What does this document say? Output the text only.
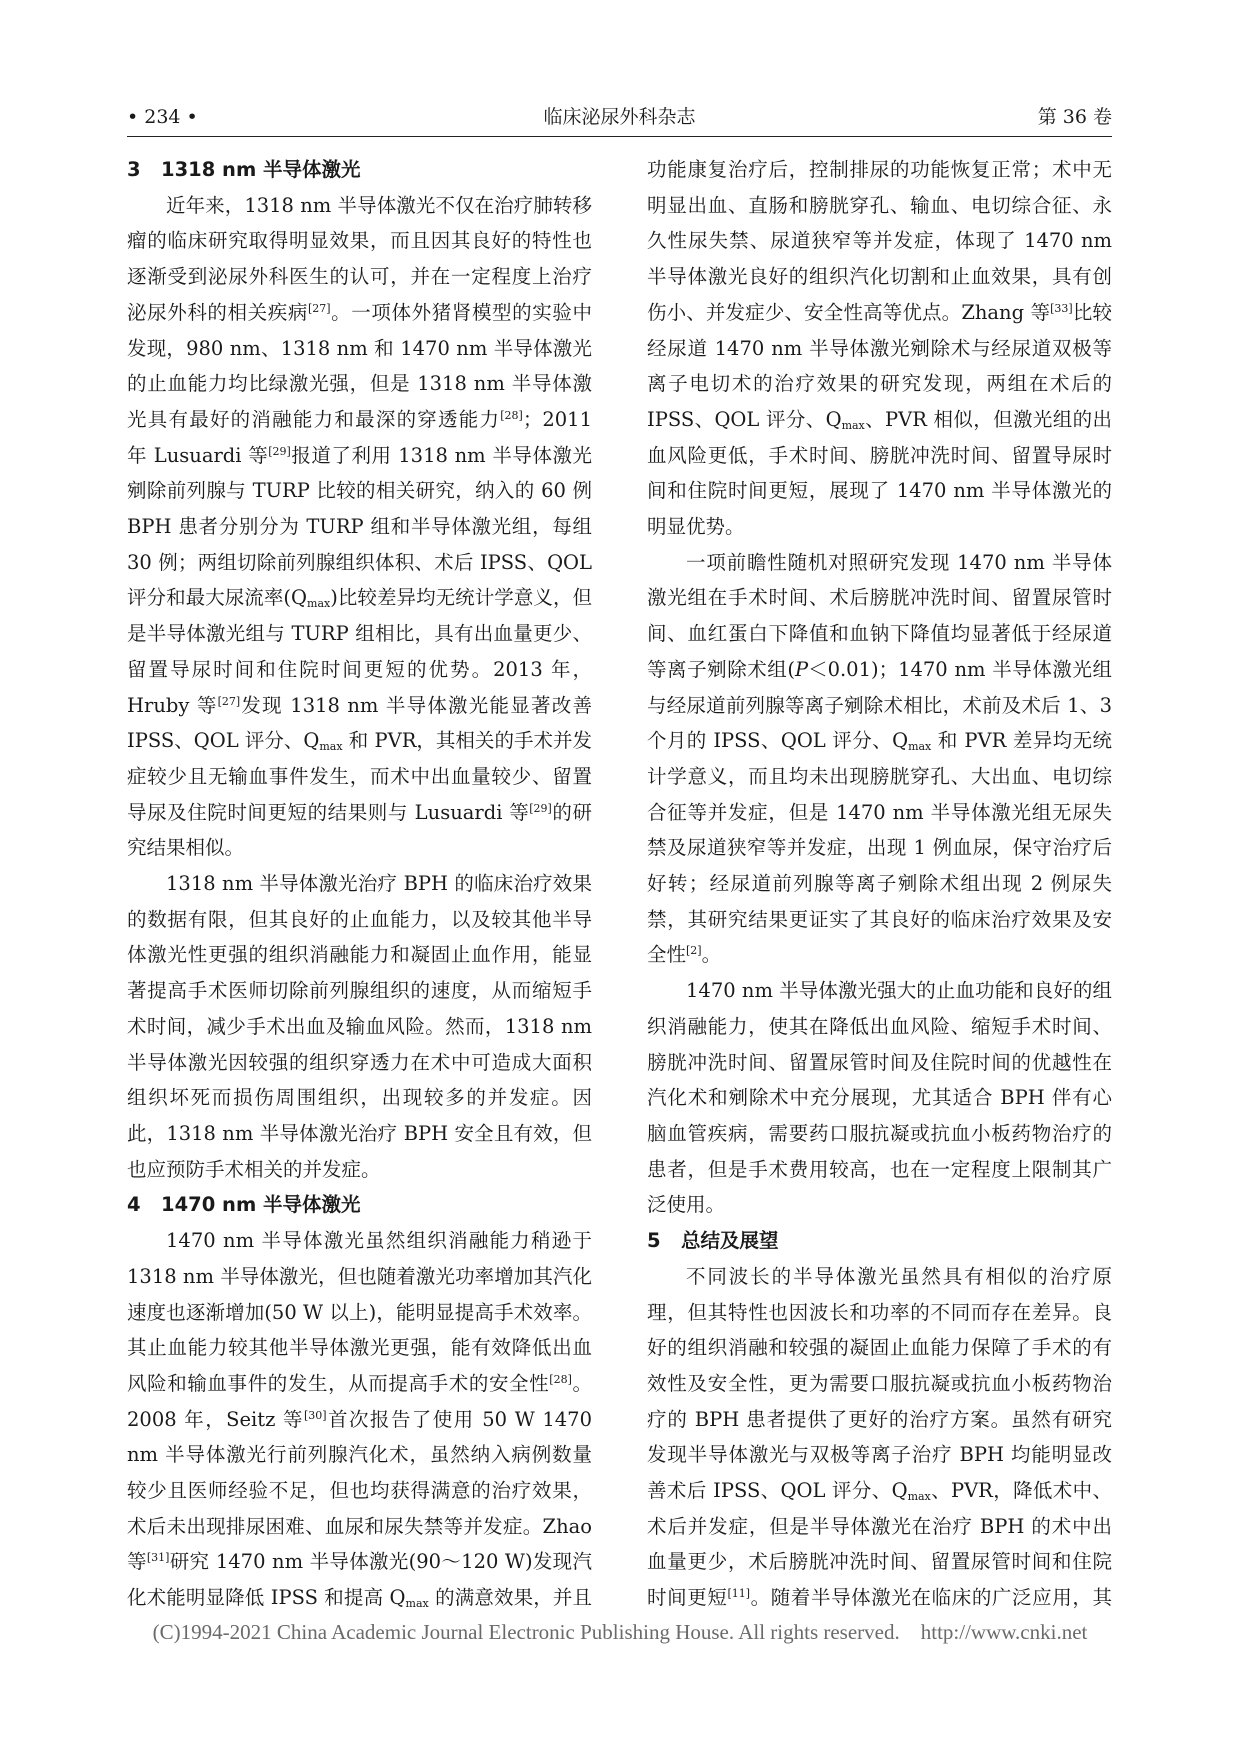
• 234 •	临床泌尿外科杂志	第 36 卷
3 1318 nm 半导体激光

近年来，1318 nm 半导体激光不仅在治疗肺转移瘤的临床研究取得明显效果，而且因其良好的特性也逐渐受到泌尿外科医生的认可，并在一定程度上治疗泌尿外科的相关疾病[27]。一项体外猪肾模型的实验中发现，980 nm、1318 nm 和 1470 nm 半导体激光的止血能力均比绿激光强，但是 1318 nm 半导体激光具有最好的消融能力和最深的穿透能力[28]；2011 年 Lusuardi 等[29]报道了利用 1318 nm 半导体激光剜除前列腺与 TURP 比较的相关研究，纳入的 60 例 BPH 患者分别分为 TURP 组和半导体激光组，每组 30 例；两组切除前列腺组织体积、术后 IPSS、QOL 评分和最大尿流率$(Q_{max})$比较差异均无统计学意义，但是半导体激光组与 TURP 组相比，具有出血量更少、留置导尿时间和住院时间更短的优势。2013 年，Hruby 等[27]发现 1318 nm 半导体激光能显著改善 IPSS、QOL 评分、$Q_{max}$ 和 PVR，其相关的手术并发症较少且无输血事件发生，而术中出血量较少、留置导尿及住院时间更短的结果则与 Lusuardi 等[29]的研究结果相似。

1318 nm 半导体激光治疗 BPH 的临床治疗效果的数据有限，但其良好的止血能力，以及较其他半导体激光性更强的组织消融能力和凝固止血作用，能显著提高手术医师切除前列腺组织的速度，从而缩短手术时间，减少手术出血及输血风险。然而，1318 nm 半导体激光因较强的组织穿透力在术中可造成大面积组织坏死而损伤周围组织，出现较多的并发症。因此，1318 nm 半导体激光治疗 BPH 安全且有效，但也应预防手术相关的并发症。

4 1470 nm 半导体激光

1470 nm 半导体激光虽然组织消融能力稍逊于 1318 nm 半导体激光，但也随着激光功率增加其汽化速度也逐渐增加(50 W 以上)，能明显提高手术效率。其止血能力较其他半导体激光更强，能有效降低出血风险和输血事件的发生，从而提高手术的安全性[28]。2008 年，Seitz 等[30]首次报告了使用 50 W 1470 nm 半导体激光行前列腺汽化术，虽然纳入病例数量较少且医师经验不足，但也均获得满意的治疗效果，术后未出现排尿困难、血尿和尿失禁等并发症。Zhao 等[31]研究 1470 nm 半导体激光(90～120 W)发现汽化术能明显降低 IPSS 和提高 $Q_{max}$ 的满意效果，并且

功能康复治疗后，控制排尿的功能恢复正常；术中无明显出血、直肠和膀胱穿孔、输血、电切综合征、永久性尿失禁、尿道狭窄等并发症，体现了 1470 nm 半导体激光良好的组织汽化切割和止血效果，具有创伤小、并发症少、安全性高等优点。Zhang 等[33]比较经尿道 1470 nm 半导体激光剜除术与经尿道双极等离子电切术的治疗效果的研究发现，两组在术后的 IPSS、QOL 评分、$Q_{max}$、PVR 相似，但激光组的出血风险更低，手术时间、膀胱冲洗时间、留置导尿时间和住院时间更短，展现了 1470 nm 半导体激光的明显优势。

一项前瞻性随机对照研究发现 1470 nm 半导体激光组在手术时间、术后膀胱冲洗时间、留置尿管时间、血红蛋白下降值和血钠下降值均显著低于经尿道等离子剜除术组(P＜0.01)；1470 nm 半导体激光组与经尿道前列腺等离子剜除术相比，术前及术后 1、3 个月的 IPSS、QOL 评分、$Q_{max}$ 和 PVR 差异均无统计学意义，而且均未出现膀胱穿孔、大出血、电切综合征等并发症，但是 1470 nm 半导体激光组无尿失禁及尿道狭窄等并发症，出现 1 例血尿，保守治疗后好转；经尿道前列腺等离子剜除术组出现 2 例尿失禁，其研究结果更证实了其良好的临床治疗效果及安全性[2]。

1470 nm 半导体激光强大的止血功能和良好的组织消融能力，使其在降低出血风险、缩短手术时间、膀胱冲洗时间、留置尿管时间及住院时间的优越性在汽化术和剜除术中充分展现，尤其适合 BPH 伴有心脑血管疾病，需要药口服抗凝或抗血小板药物治疗的患者，但是手术费用较高，也在一定程度上限制其广泛使用。

5 总结及展望

不同波长的半导体激光虽然具有相似的治疗原理，但其特性也因波长和功率的不同而存在差异。良好的组织消融和较强的凝固止血能力保障了手术的有效性及安全性，更为需要口服抗凝或抗血小板药物治疗的 BPH 患者提供了更好的治疗方案。虽然有研究发现半导体激光与双极等离子治疗 BPH 均能明显改善术后 IPSS、QOL 评分、$Q_{max}$、PVR，降低术中、术后并发症，但是半导体激光在治疗 BPH 的术中出血量更少，术后膀胱冲洗时间、留置尿管时间和住院时间更短[11]。随着半导体激光在临床的广泛应用，其

(C)1994-2021 China Academic Journal Electronic Publishing House. All rights reserved. http://www.cnki.net
